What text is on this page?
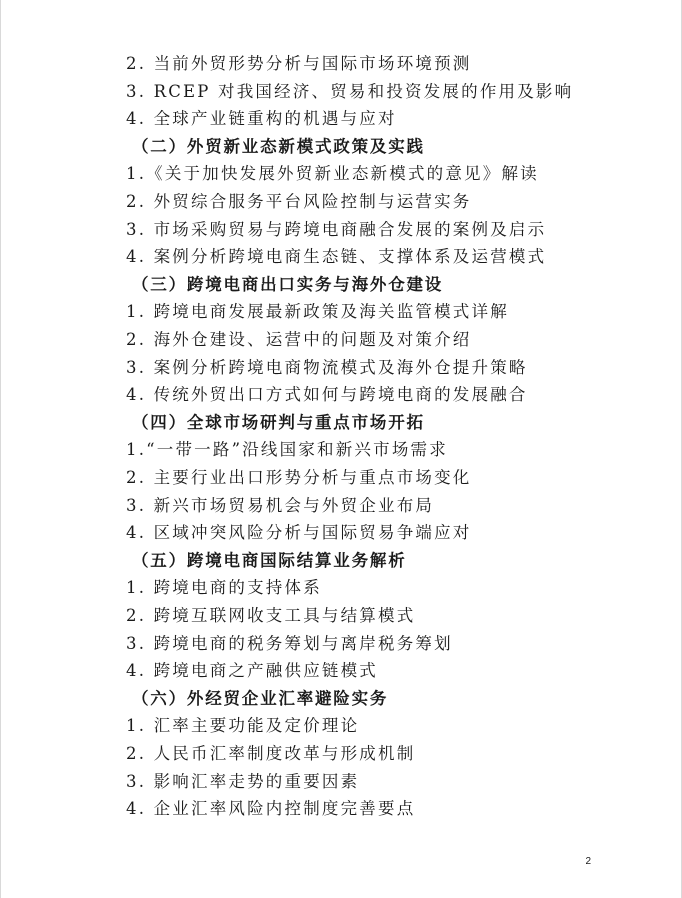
2. 当前外贸形势分析与国际市场环境预测
3. RCEP 对我国经济、贸易和投资发展的作用及影响
4. 全球产业链重构的机遇与应对
（二）外贸新业态新模式政策及实践
1.《关于加快发展外贸新业态新模式的意见》解读
2. 外贸综合服务平台风险控制与运营实务
3. 市场采购贸易与跨境电商融合发展的案例及启示
4. 案例分析跨境电商生态链、支撑体系及运营模式
（三）跨境电商出口实务与海外仓建设
1. 跨境电商发展最新政策及海关监管模式详解
2. 海外仓建设、运营中的问题及对策介绍
3. 案例分析跨境电商物流模式及海外仓提升策略
4. 传统外贸出口方式如何与跨境电商的发展融合
（四）全球市场研判与重点市场开拓
1.“一带一路”沿线国家和新兴市场需求
2. 主要行业出口形势分析与重点市场变化
3. 新兴市场贸易机会与外贸企业布局
4. 区域冲突风险分析与国际贸易争端应对
（五）跨境电商国际结算业务解析
1. 跨境电商的支持体系
2. 跨境互联网收支工具与结算模式
3. 跨境电商的税务筹划与离岸税务筹划
4. 跨境电商之产融供应链模式
（六）外经贸企业汇率避险实务
1. 汇率主要功能及定价理论
2. 人民币汇率制度改革与形成机制
3. 影响汇率走势的重要因素
4. 企业汇率风险内控制度完善要点
2
